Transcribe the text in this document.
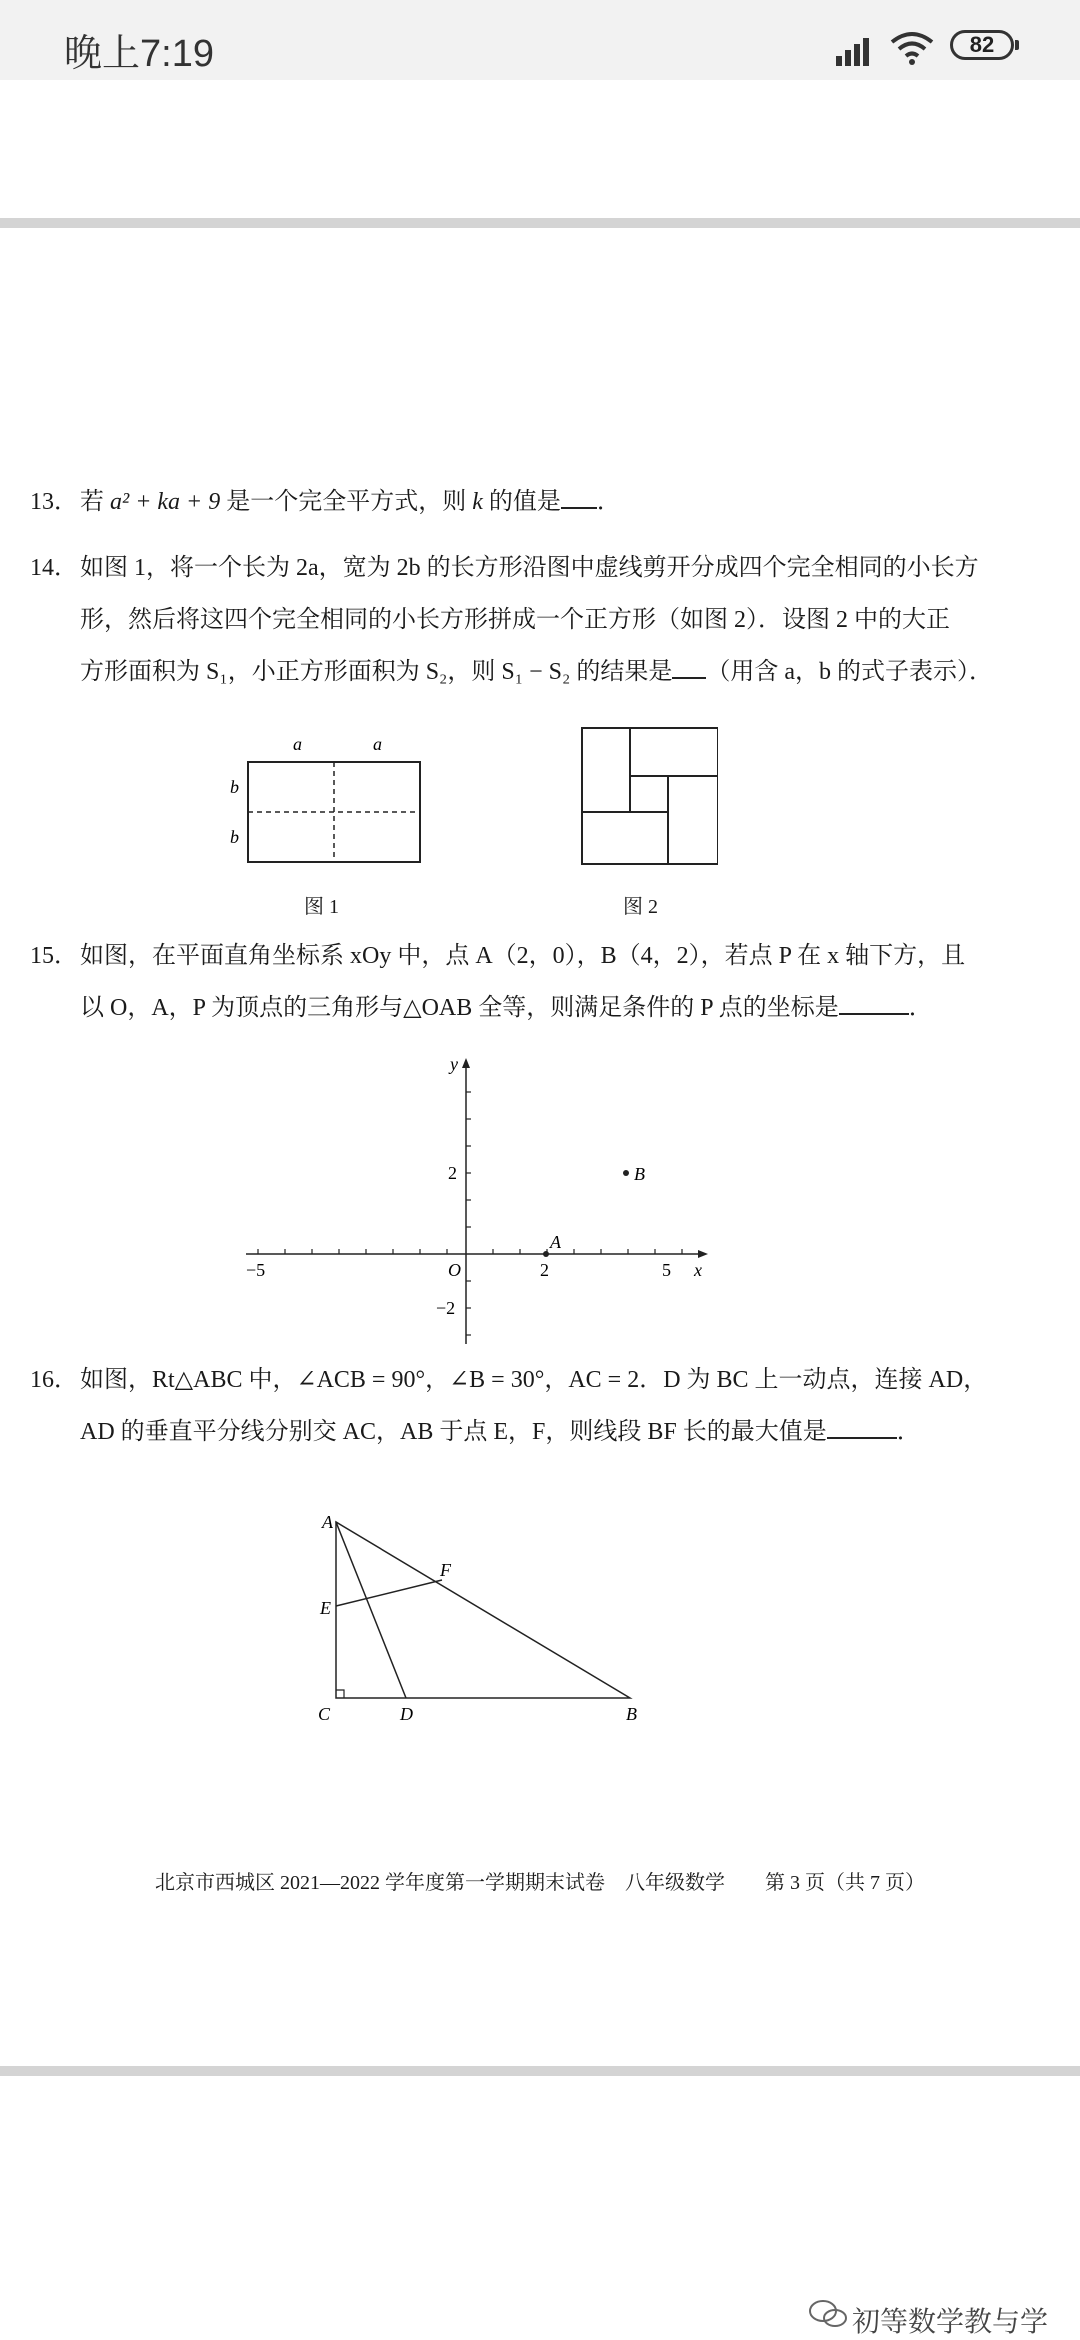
晚上7:19	82
13．若 a² + ka + 9 是一个完全平方式，则 k 的值是 ．
14．如图 1，将一个长为 2a，宽为 2b 的长方形沿图中虚线剪开分成四个完全相同的小长方
形，然后将这四个完全相同的小长方形拼成一个正方形（如图 2）．设图 2 中的大正
方形面积为 S₁，小正方形面积为 S₂，则 S₁ − S₂ 的结果是 （用含 a，b 的式子表示）．
a	a
b
b
图 1	图 2
15．如图，在平面直角坐标系 xOy 中，点 A（2，0），B（4，2），若点 P 在 x 轴下方，且
以 O，A，P 为顶点的三角形与△OAB 全等，则满足条件的 P 点的坐标是	．
y
x
O
2
−2
−5	2	5
A
B
16．如图，Rt△ABC 中，∠ACB = 90°，∠B = 30°，AC = 2．D 为 BC 上一动点，连接 AD，
AD 的垂直平分线分别交 AC，AB 于点 E，F，则线段 BF 长的最大值是	．
A
B
C	D
E
F
北京市西城区 2021—2022 学年度第一学期期末试卷　八年级数学　　第 3 页（共 7 页）
初等数学教与学
